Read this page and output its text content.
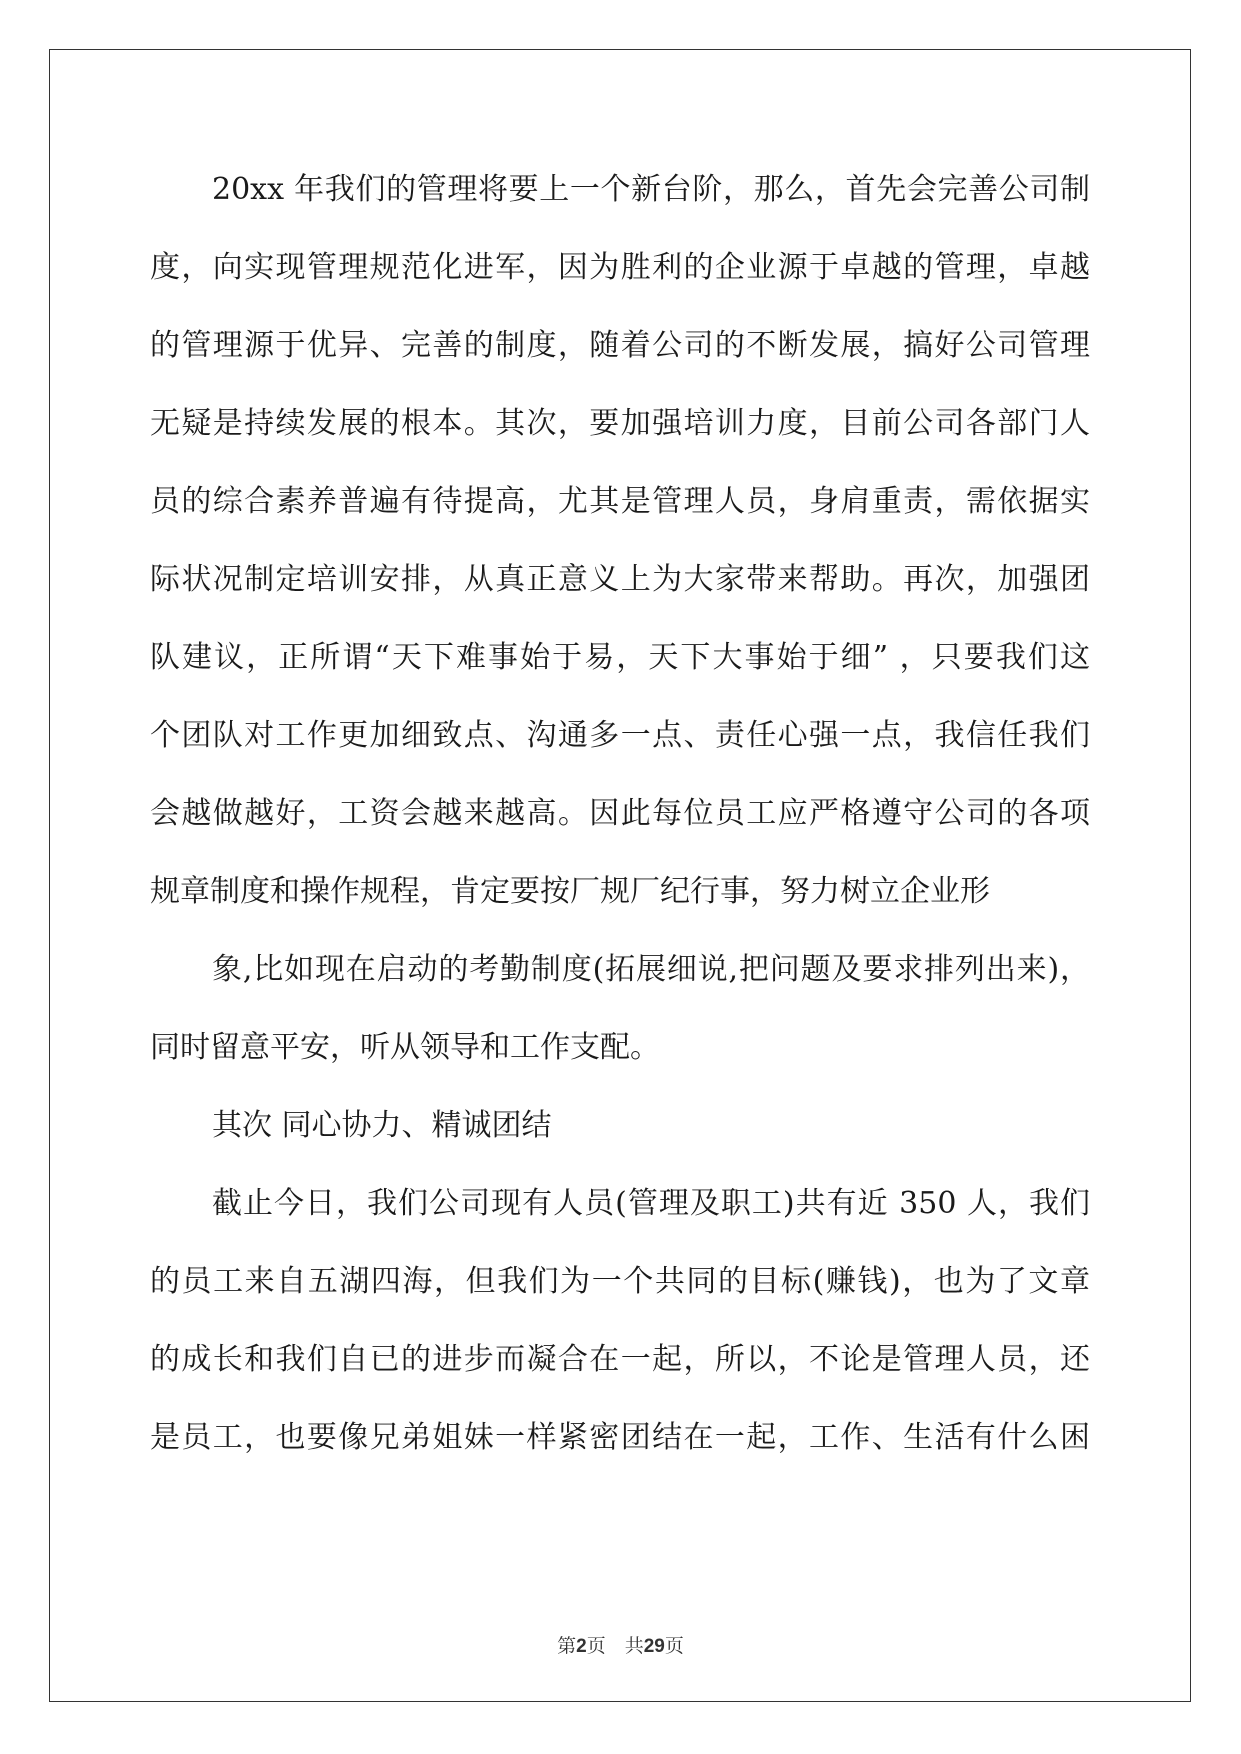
20xx 年我们的管理将要上一个新台阶，那么，首先会完善公司制
度，向实现管理规范化进军，因为胜利的企业源于卓越的管理，卓越
的管理源于优异、完善的制度，随着公司的不断发展，搞好公司管理
无疑是持续发展的根本。其次，要加强培训力度，目前公司各部门人
员的综合素养普遍有待提高，尤其是管理人员，身肩重责，需依据实
际状况制定培训安排，从真正意义上为大家带来帮助。再次，加强团
队建议，正所谓“天下难事始于易，天下大事始于细” ，只要我们这
个团队对工作更加细致点、沟通多一点、责任心强一点，我信任我们
会越做越好，工资会越来越高。因此每位员工应严格遵守公司的各项
规章制度和操作规程，肯定要按厂规厂纪行事，努力树立企业形
象,比如现在启动的考勤制度(拓展细说,把问题及要求排列出来)，
同时留意平安，听从领导和工作支配。
其次 同心协力、精诚团结
截止今日，我们公司现有人员(管理及职工)共有近 350 人，我们
的员工来自五湖四海，但我们为一个共同的目标(赚钱)，也为了文章
的成长和我们自已的进步而凝合在一起，所以，不论是管理人员，还
是员工，也要像兄弟姐妹一样紧密团结在一起，工作、生活有什么困
第2页　共29页
